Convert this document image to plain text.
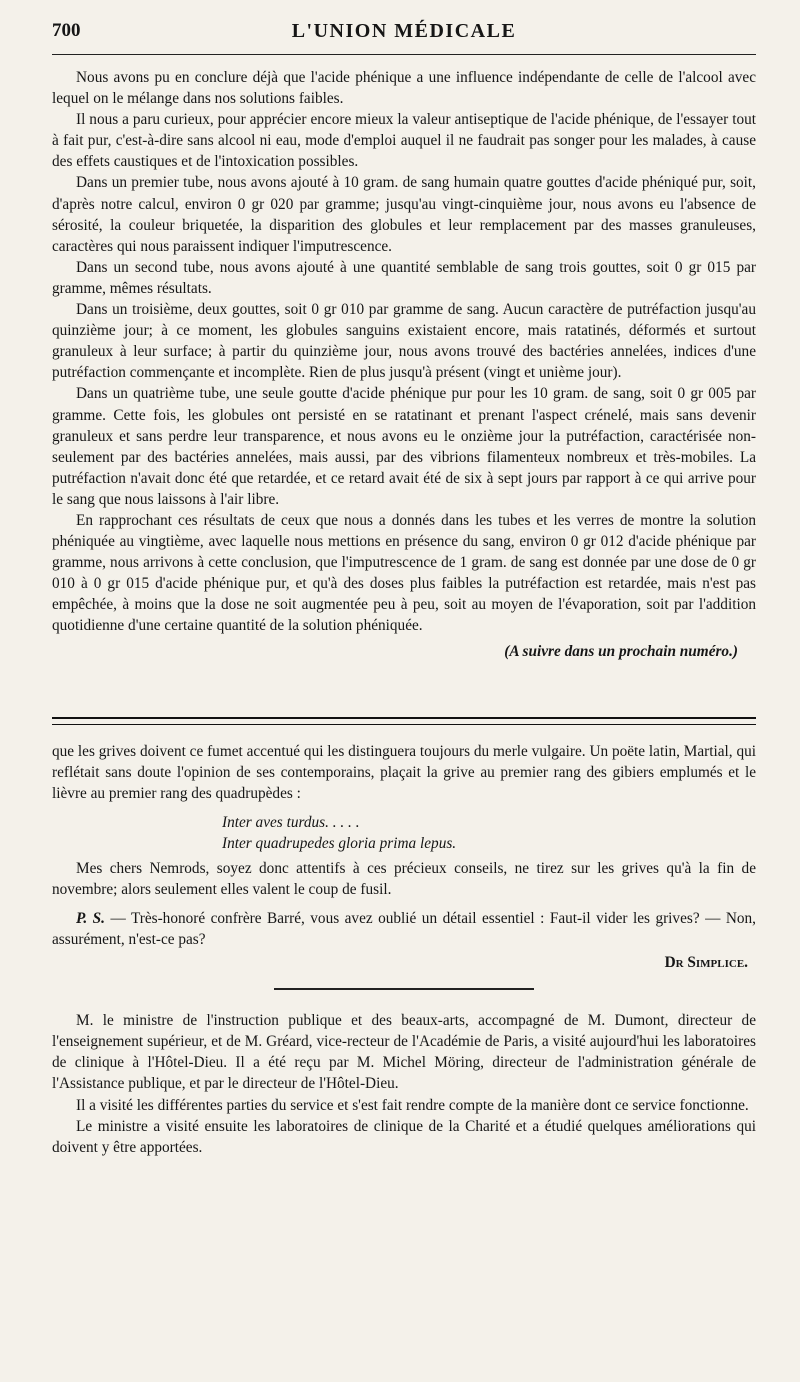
700	L'UNION MÉDICALE

Nous avons pu en conclure déjà que l'acide phénique a une influence indépendante de celle de l'alcool avec lequel on le mélange dans nos solutions faibles.

Il nous a paru curieux, pour apprécier encore mieux la valeur antiseptique de l'acide phénique, de l'essayer tout à fait pur, c'est-à-dire sans alcool ni eau, mode d'emploi auquel il ne faudrait pas songer pour les malades, à cause des effets caustiques et de l'intoxication possibles.

Dans un premier tube, nous avons ajouté à 10 gram. de sang humain quatre gouttes d'acide phéniqué pur, soit, d'après notre calcul, environ 0 gr 020 par gramme; jusqu'au vingt-cinquième jour, nous avons eu l'absence de sérosité, la couleur briquetée, la disparition des globules et leur remplacement par des masses granuleuses, caractères qui nous paraissent indiquer l'imputrescence.

Dans un second tube, nous avons ajouté à une quantité semblable de sang trois gouttes, soit 0 gr 015 par gramme, mêmes résultats.

Dans un troisième, deux gouttes, soit 0 gr 010 par gramme de sang. Aucun caractère de putréfaction jusqu'au quinzième jour; à ce moment, les globules sanguins existaient encore, mais ratatinés, déformés et surtout granuleux à leur surface; à partir du quinzième jour, nous avons trouvé des bactéries annelées, indices d'une putréfaction commençante et incomplète. Rien de plus jusqu'à présent (vingt et unième jour).

Dans un quatrième tube, une seule goutte d'acide phénique pur pour les 10 gram. de sang, soit 0 gr 005 par gramme. Cette fois, les globules ont persisté en se ratatinant et prenant l'aspect crénelé, mais sans devenir granuleux et sans perdre leur transparence, et nous avons eu le onzième jour la putréfaction, caractérisée non-seulement par des bactéries annelées, mais aussi, par des vibrions filamenteux nombreux et très-mobiles. La putréfaction n'avait donc été que retardée, et ce retard avait été de six à sept jours par rapport à ce qui arrive pour le sang que nous laissons à l'air libre.

En rapprochant ces résultats de ceux que nous a donnés dans les tubes et les verres de montre la solution phéniquée au vingtième, avec laquelle nous mettions en présence du sang, environ 0 gr 012 d'acide phénique par gramme, nous arrivons à cette conclusion, que l'imputrescence de 1 gram. de sang est donnée par une dose de 0 gr 010 à 0 gr 015 d'acide phénique pur, et qu'à des doses plus faibles la putréfaction est retardée, mais n'est pas empêchée, à moins que la dose ne soit augmentée peu à peu, soit au moyen de l'évaporation, soit par l'addition quotidienne d'une certaine quantité de la solution phéniquée.

(A suivre dans un prochain numéro.)

que les grives doivent ce fumet accentué qui les distinguera toujours du merle vulgaire. Un poëte latin, Martial, qui reflétait sans doute l'opinion de ses contemporains, plaçait la grive au premier rang des gibiers emplumés et le lièvre au premier rang des quadrupèdes :

Inter aves turdus. . . . .
Inter quadrupedes gloria prima lepus.

Mes chers Nemrods, soyez donc attentifs à ces précieux conseils, ne tirez sur les grives qu'à la fin de novembre; alors seulement elles valent le coup de fusil.

P. S. — Très-honoré confrère Barré, vous avez oublié un détail essentiel : Faut-il vider les grives? — Non, assurément, n'est-ce pas?

Dr Simplice.

M. le ministre de l'instruction publique et des beaux-arts, accompagné de M. Dumont, directeur de l'enseignement supérieur, et de M. Gréard, vice-recteur de l'Académie de Paris, a visité aujourd'hui les laboratoires de clinique à l'Hôtel-Dieu. Il a été reçu par M. Michel Möring, directeur de l'administration générale de l'Assistance publique, et par le directeur de l'Hôtel-Dieu.

Il a visité les différentes parties du service et s'est fait rendre compte de la manière dont ce service fonctionne.

Le ministre a visité ensuite les laboratoires de clinique de la Charité et a étudié quelques améliorations qui doivent y être apportées.
